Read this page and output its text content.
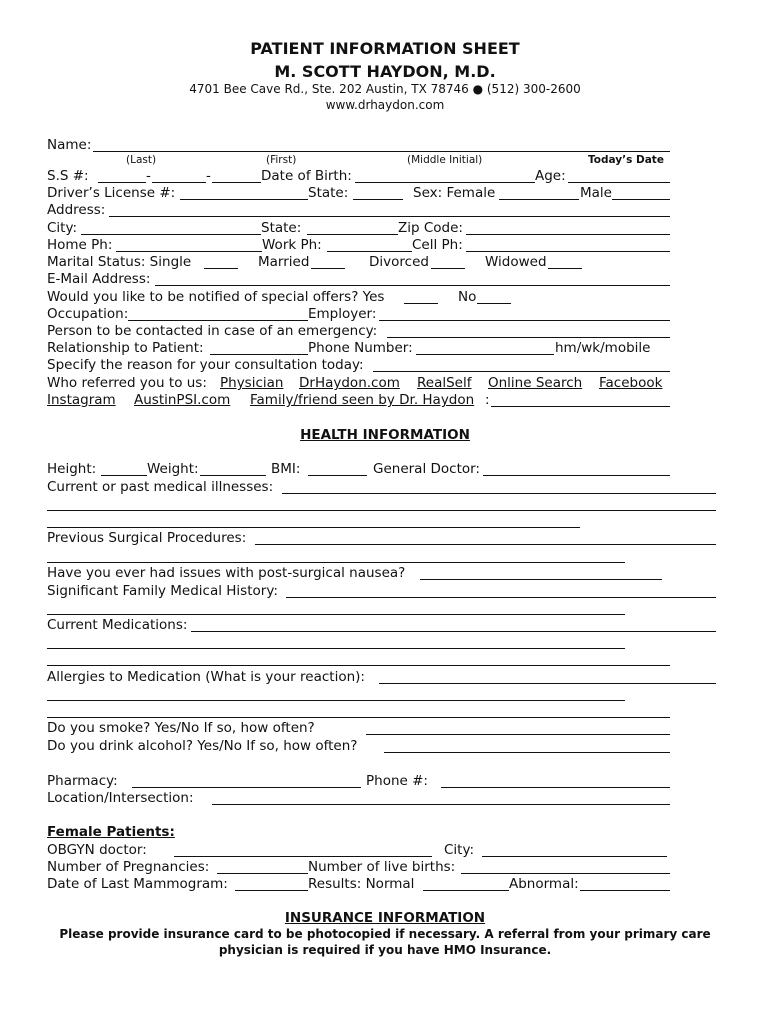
PATIENT INFORMATION SHEET
M. SCOTT HAYDON, M.D.
4701 Bee Cave Rd., Ste. 202 Austin, TX 78746 ● (512) 300-2600
www.drhaydon.com
Name:
(Last)	(First)	(Middle Initial)	Today’s Date
S.S #:	-	-	Date of Birth:	Age:
Driver’s License #:	State:	Sex: Female	Male
Address:
City:	State:	Zip Code:
Home Ph:	Work Ph:	Cell Ph:
Marital Status: Single	Married	Divorced	Widowed
E-Mail Address:
Would you like to be notified of special offers? Yes	No
Occupation:	Employer:
Person to be contacted in case of an emergency:
Relationship to Patient:	Phone Number:	hm/wk/mobile
Specify the reason for your consultation today:
Who referred you to us: Physician DrHaydon.com RealSelf Online Search Facebook
Instagram AustinPSI.com Family/friend seen by Dr. Haydon :
HEALTH INFORMATION
Height:	Weight:	BMI:	General Doctor:
Current or past medical illnesses:
Previous Surgical Procedures:
Have you ever had issues with post-surgical nausea?
Significant Family Medical History:
Current Medications:
Allergies to Medication (What is your reaction):
Do you smoke? Yes/No If so, how often?
Do you drink alcohol? Yes/No If so, how often?
Pharmacy:	Phone #:
Location/Intersection:
Female Patients:
OBGYN doctor:	City:
Number of Pregnancies:	Number of live births:
Date of Last Mammogram:	Results: Normal	Abnormal:
INSURANCE INFORMATION
Please provide insurance card to be photocopied if necessary. A referral from your primary care
physician is required if you have HMO Insurance.
